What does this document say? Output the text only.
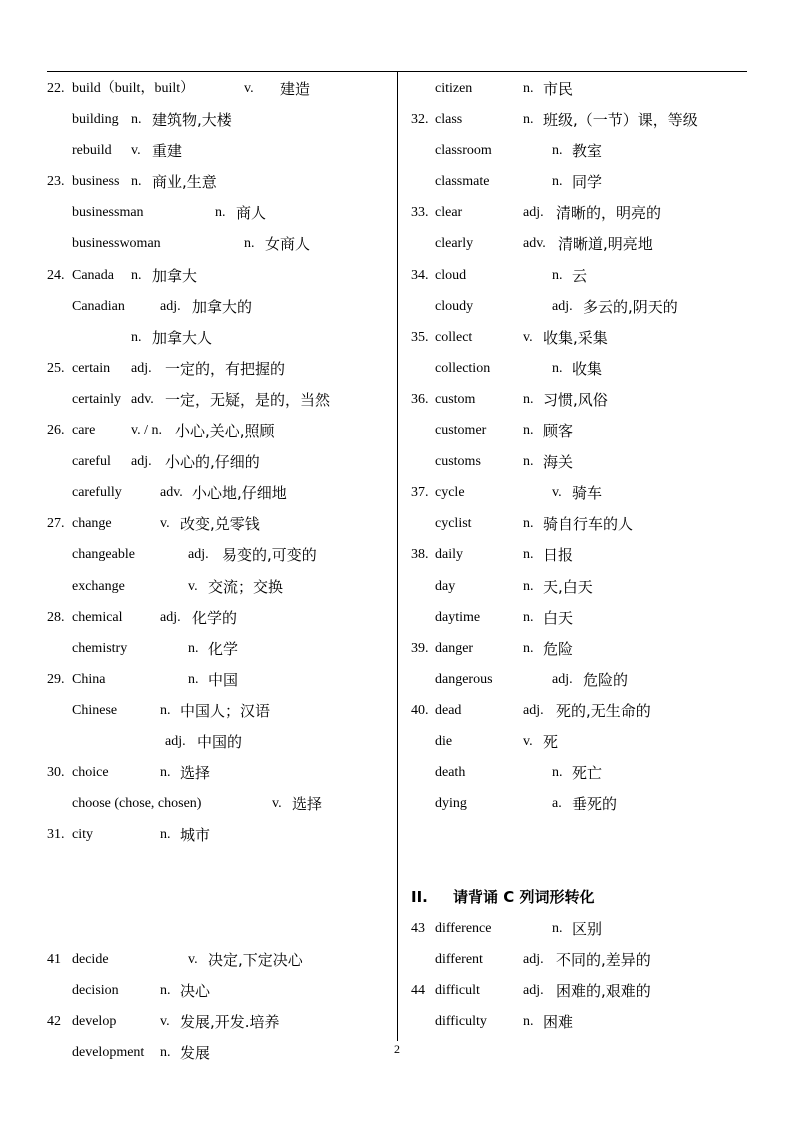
22. build（built，built）	v. 建造
building n. 建筑物,大楼
rebuild v. 重建
23. business n. 商业,生意
businessman	n. 商人
businesswoman	n. 女商人
24. Canada n. 加拿大
Canadian	adj. 加拿大的
n. 加拿大人
25. certain adj. 一定的，有把握的
certainly adv. 一定，无疑，是的，当然
26. care	v. / n. 小心,关心,照顾
careful adj. 小心的,仔细的
carefully	adv. 小心地,仔细地
27. change	v. 改变,兑零钱
changeable	adj. 易变的,可变的
exchange	v. 交流；交换
28. chemical	adj. 化学的
chemistry	n. 化学
29. China	n. 中国
Chinese	n. 中国人；汉语
adj. 中国的
30. choice	n. 选择
choose (chose, chosen)	v. 选择
31. city	n. 城市
41 decide	v. 决定,下定决心
decision	n. 决心
42 develop	v. 发展,开发.培养
development n. 发展
citizen	n. 市民
32. class	n. 班级,（一节）课，等级
classroom	n. 教室
classmate	n. 同学
33. clear	adj. 清晰的，明亮的
clearly	adv. 清晰道,明亮地
34. cloud	n. 云
cloudy	adj. 多云的,阴天的
35. collect	v. 收集,采集
collection	n. 收集
36. custom	n. 习惯,风俗
customer	n. 顾客
customs	n. 海关
37. cycle	v. 骑车
cyclist	n. 骑自行车的人
38. daily	n. 日报
day	n. 天,白天
daytime	n. 白天
39. danger	n. 危险
dangerous	adj. 危险的
40. dead	adj. 死的,无生命的
die	v. 死
death	n. 死亡
dying	a. 垂死的
II. 请背诵 C 列词形转化
43 difference	n. 区别
different	adj. 不同的,差异的
44 difficult	adj. 困难的,艰难的
difficulty	n. 困难
2
